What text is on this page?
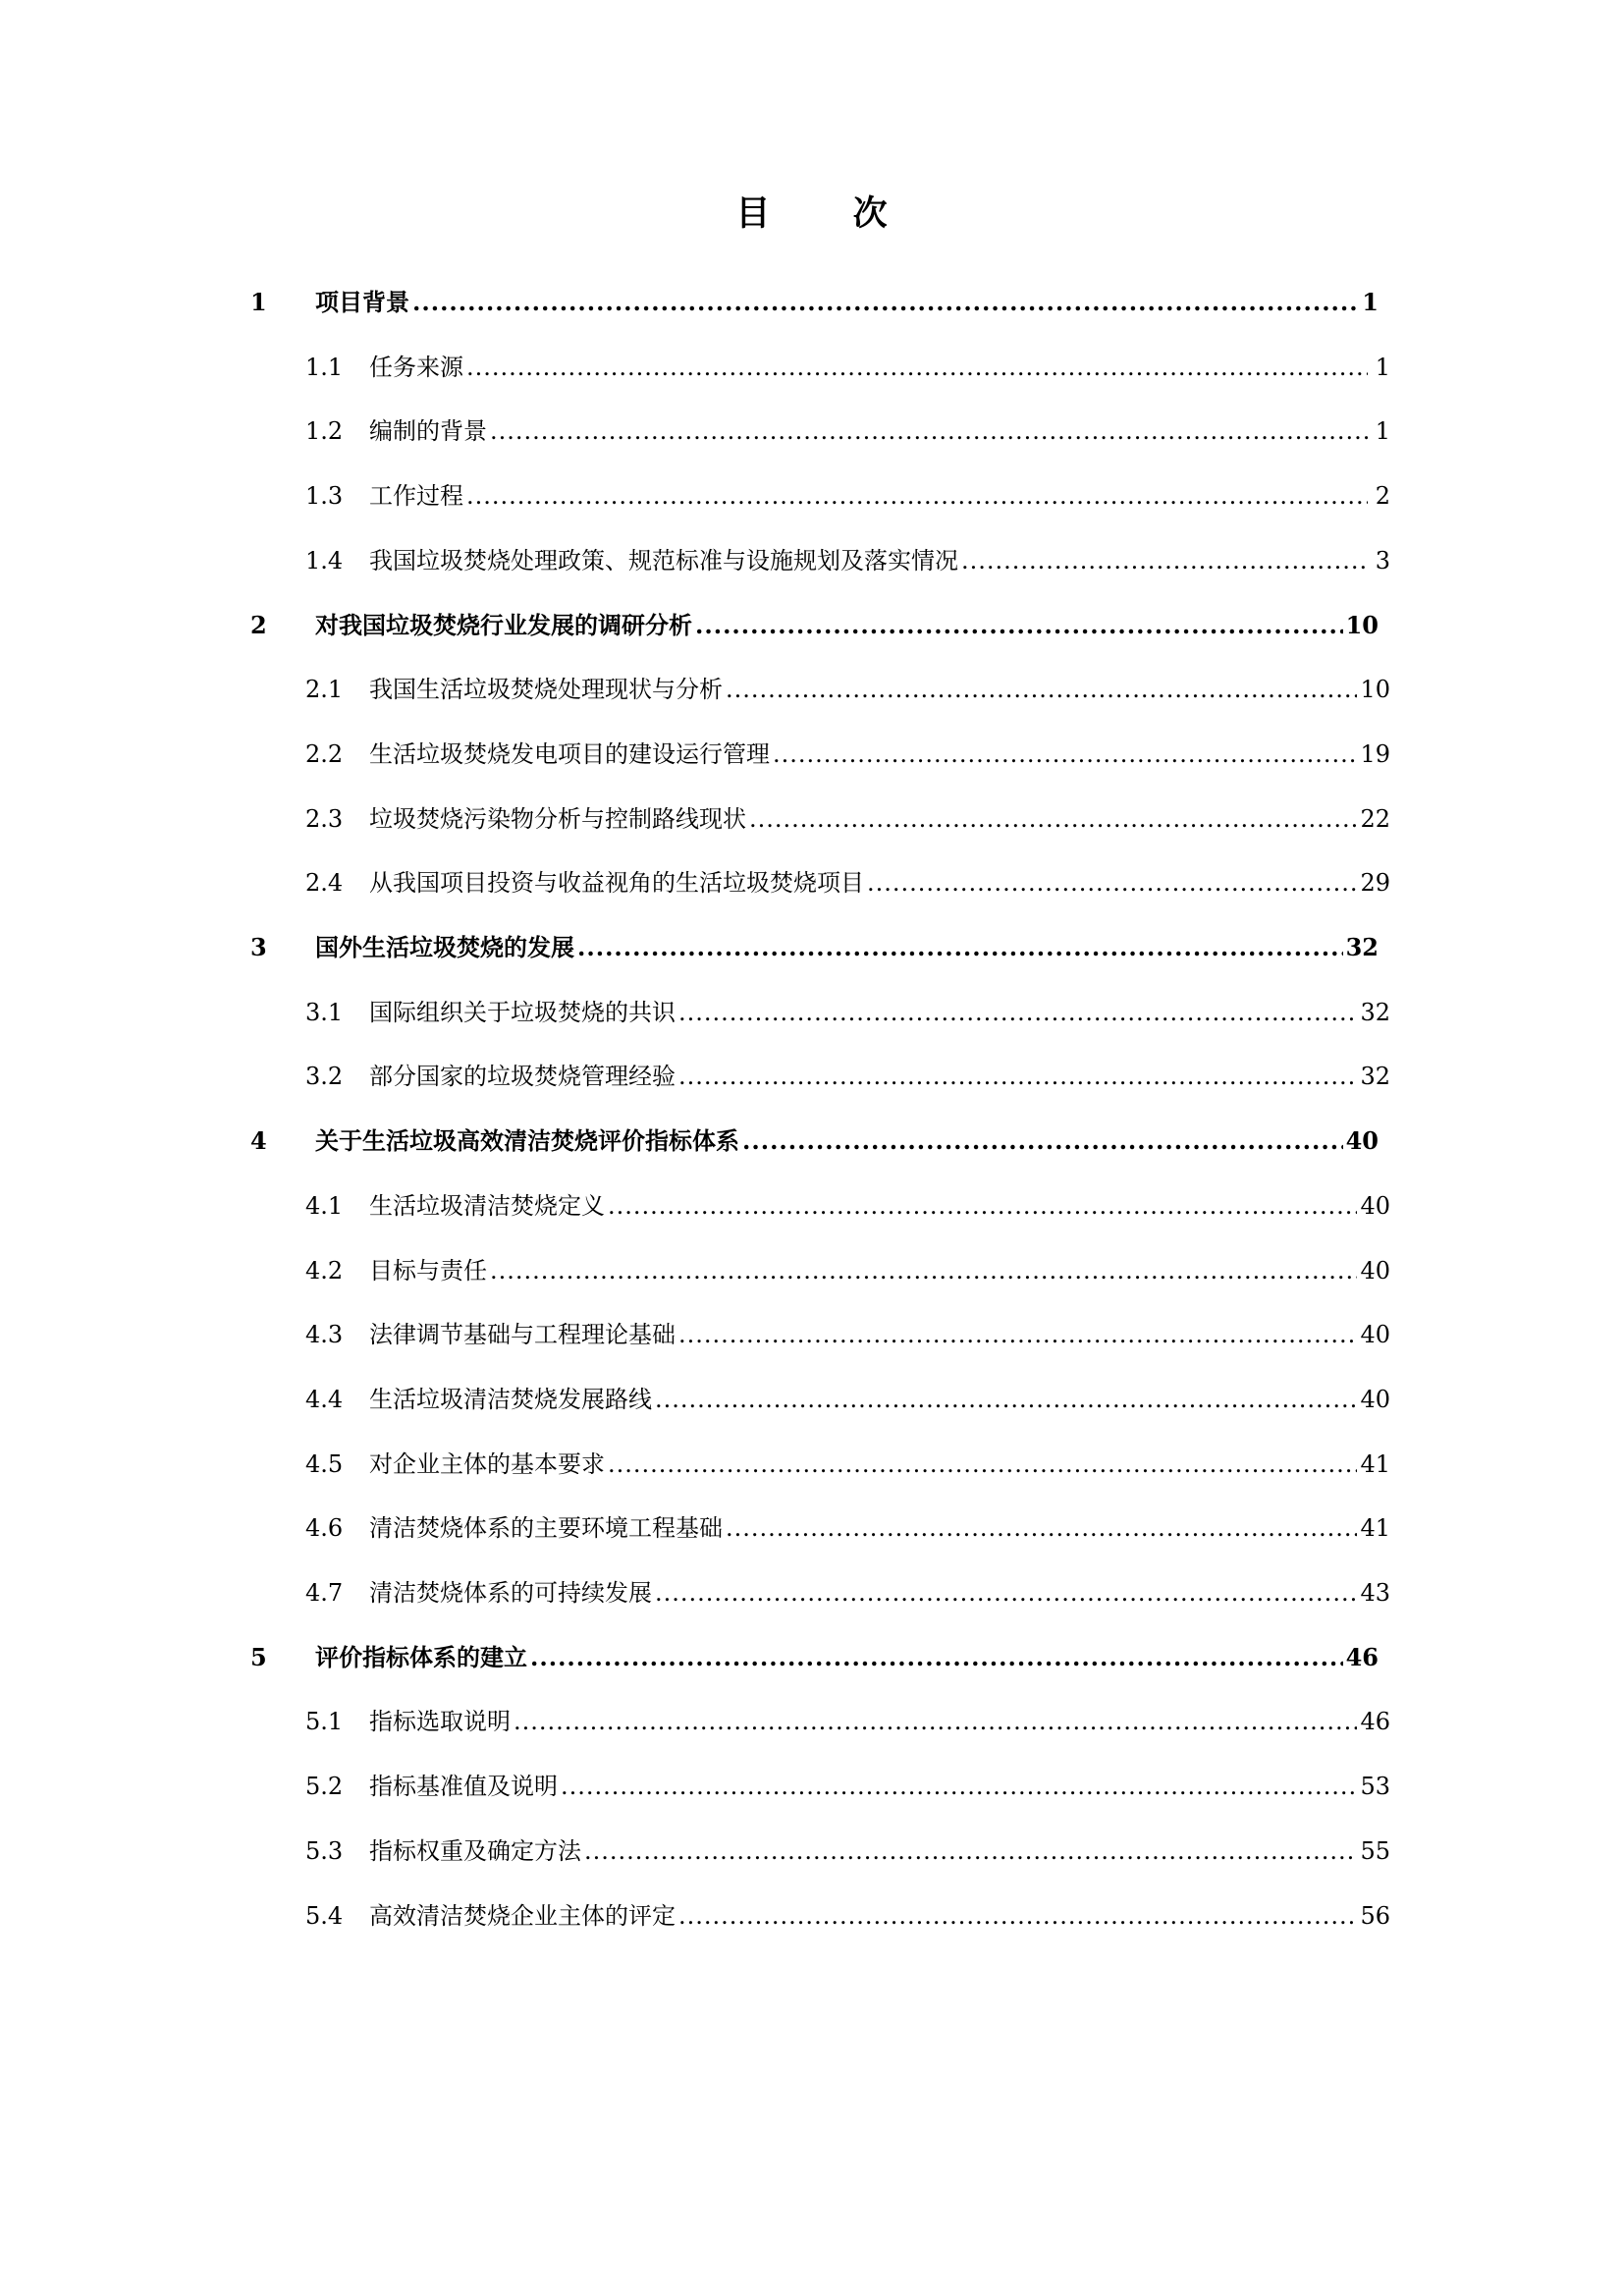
目 次
1 项目背景 .....	1
1.1 任务来源 .....	1
1.2 编制的背景 .....	1
1.3 工作过程 .....	2
1.4 我国垃圾焚烧处理政策、规范标准与设施规划及落实情况 .....	3
2 对我国垃圾焚烧行业发展的调研分析 .....	10
2.1 我国生活垃圾焚烧处理现状与分析 .....	10
2.2 生活垃圾焚烧发电项目的建设运行管理 .....	19
2.3 垃圾焚烧污染物分析与控制路线现状 .....	22
2.4 从我国项目投资与收益视角的生活垃圾焚烧项目 .....	29
3 国外生活垃圾焚烧的发展 .....	32
3.1 国际组织关于垃圾焚烧的共识 .....	32
3.2 部分国家的垃圾焚烧管理经验 .....	32
4 关于生活垃圾高效清洁焚烧评价指标体系 .....	40
4.1 生活垃圾清洁焚烧定义 .....	40
4.2 目标与责任 .....	40
4.3 法律调节基础与工程理论基础 .....	40
4.4 生活垃圾清洁焚烧发展路线 .....	40
4.5 对企业主体的基本要求 .....	41
4.6 清洁焚烧体系的主要环境工程基础 .....	41
4.7 清洁焚烧体系的可持续发展 .....	43
5 评价指标体系的建立 .....	46
5.1 指标选取说明 .....	46
5.2 指标基准值及说明 .....	53
5.3 指标权重及确定方法 .....	55
5.4 高效清洁焚烧企业主体的评定 .....	56
